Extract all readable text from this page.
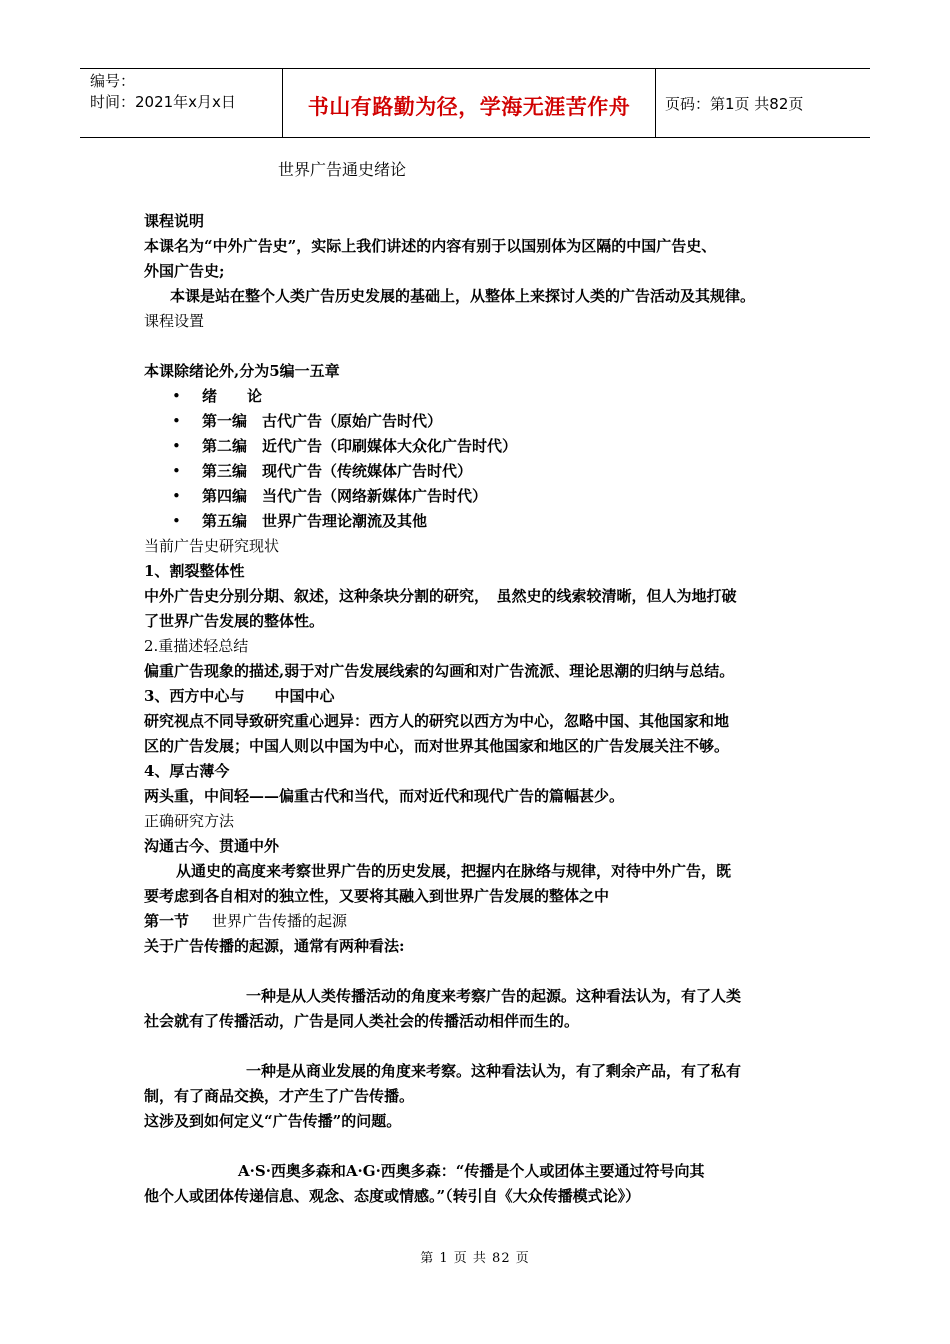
编号：
时间：2021年x月x日	书山有路勤为径，学海无涯苦作舟	页码：第1页 共82页
世界广告通史绪论
课程说明
本课名为“中外广告史”，实际上我们讲述的内容有别于以国别体为区隔的中国广告史、
外国广告史;
本课是站在整个人类广告历史发展的基础上，从整体上来探讨人类的广告活动及其规律。
课程设置
本课除绪论外,分为5编一五章
• 绪　　论
• 第一编　古代广告（原始广告时代）
• 第二编　近代广告（印刷媒体大众化广告时代）
• 第三编　现代广告（传统媒体广告时代）
• 第四编　当代广告（网络新媒体广告时代）
• 第五编　世界广告理论潮流及其他
当前广告史研究现状
1、割裂整体性
中外广告史分别分期、叙述，这种条块分割的研究，　虽然史的线索较清晰，但人为地打破
了世界广告发展的整体性。
2.重描述轻总结
偏重广告现象的描述,弱于对广告发展线索的勾画和对广告流派、理论思潮的归纳与总结。
3、西方中心与　　中国中心
研究视点不同导致研究重心迥异：西方人的研究以西方为中心，忽略中国、其他国家和地
区的广告发展；中国人则以中国为中心，而对世界其他国家和地区的广告发展关注不够。
4、厚古薄今
两头重，中间轻——偏重古代和当代，而对近代和现代广告的篇幅甚少。
正确研究方法
沟通古今、贯通中外
从通史的高度来考察世界广告的历史发展，把握内在脉络与规律，对待中外广告，既
要考虑到各自相对的独立性，又要将其融入到世界广告发展的整体之中
第一节 世界广告传播的起源
关于广告传播的起源，通常有两种看法:
一种是从人类传播活动的角度来考察广告的起源。这种看法认为，有了人类
社会就有了传播活动，广告是同人类社会的传播活动相伴而生的。
一种是从商业发展的角度来考察。这种看法认为，有了剩余产品，有了私有
制，有了商品交换，才产生了广告传播。
这涉及到如何定义“广告传播”的问题。
A·S·西奥多森和A·G·西奥多森：“传播是个人或团体主要通过符号向其
他个人或团体传递信息、观念、态度或情感。”（转引自《大众传播模式论》）
第 1 页 共 82 页
